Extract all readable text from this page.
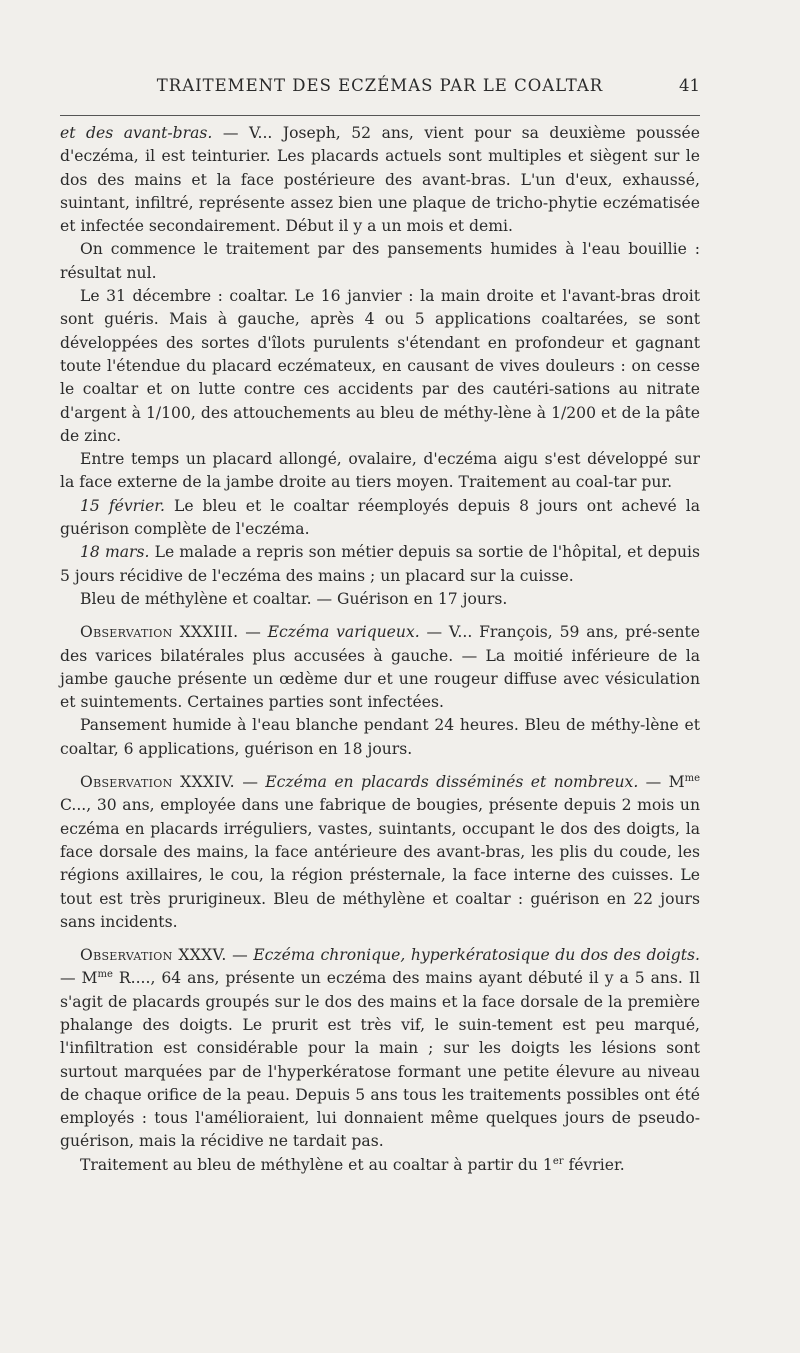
TRAITEMENT DES ECZÉMAS PAR LE COALTAR	41

et des avant-bras. — V... Joseph, 52 ans, vient pour sa deuxième poussée d'eczéma, il est teinturier. Les placards actuels sont multiples et siègent sur le dos des mains et la face postérieure des avant-bras. L'un d'eux, exhaussé, suintant, infiltré, représente assez bien une plaque de tricho-phytie eczématisée et infectée secondairement. Début il y a un mois et demi.

On commence le traitement par des pansements humides à l'eau bouillie : résultat nul.

Le 31 décembre : coaltar. Le 16 janvier : la main droite et l'avant-bras droit sont guéris. Mais à gauche, après 4 ou 5 applications coaltarées, se sont développées des sortes d'îlots purulents s'étendant en profondeur et gagnant toute l'étendue du placard eczémateux, en causant de vives douleurs : on cesse le coaltar et on lutte contre ces accidents par des cautéri-sations au nitrate d'argent à 1/100, des attouchements au bleu de méthy-lène à 1/200 et de la pâte de zinc.

Entre temps un placard allongé, ovalaire, d'eczéma aigu s'est développé sur la face externe de la jambe droite au tiers moyen. Traitement au coal-tar pur.

15 février. Le bleu et le coaltar réemployés depuis 8 jours ont achevé la guérison complète de l'eczéma.

18 mars. Le malade a repris son métier depuis sa sortie de l'hôpital, et depuis 5 jours récidive de l'eczéma des mains ; un placard sur la cuisse.

Bleu de méthylène et coaltar. — Guérison en 17 jours.

Observation XXXIII. — Eczéma variqueux. — V... François, 59 ans, pré-sente des varices bilatérales plus accusées à gauche. — La moitié inférieure de la jambe gauche présente un œdème dur et une rougeur diffuse avec vésiculation et suintements. Certaines parties sont infectées.

Pansement humide à l'eau blanche pendant 24 heures. Bleu de méthy-lène et coaltar, 6 applications, guérison en 18 jours.

Observation XXXIV. — Eczéma en placards disséminés et nombreux. — $M^{me}$ C..., 30 ans, employée dans une fabrique de bougies, présente depuis 2 mois un eczéma en placards irréguliers, vastes, suintants, occupant le dos des doigts, la face dorsale des mains, la face antérieure des avant-bras, les plis du coude, les régions axillaires, le cou, la région présternale, la face interne des cuisses. Le tout est très prurigineux. Bleu de méthylène et coaltar : guérison en 22 jours sans incidents.

Observation XXXV. — Eczéma chronique, hyperkératosique du dos des doigts. — $M^{me}$ R...., 64 ans, présente un eczéma des mains ayant débuté il y a 5 ans. Il s'agit de placards groupés sur le dos des mains et la face dorsale de la première phalange des doigts. Le prurit est très vif, le suin-tement est peu marqué, l'infiltration est considérable pour la main ; sur les doigts les lésions sont surtout marquées par de l'hyperkératose formant une petite élevure au niveau de chaque orifice de la peau. Depuis 5 ans tous les traitements possibles ont été employés : tous l'amélioraient, lui donnaient même quelques jours de pseudo-guérison, mais la récidive ne tardait pas.

Traitement au bleu de méthylène et au coaltar à partir du 1er février.
